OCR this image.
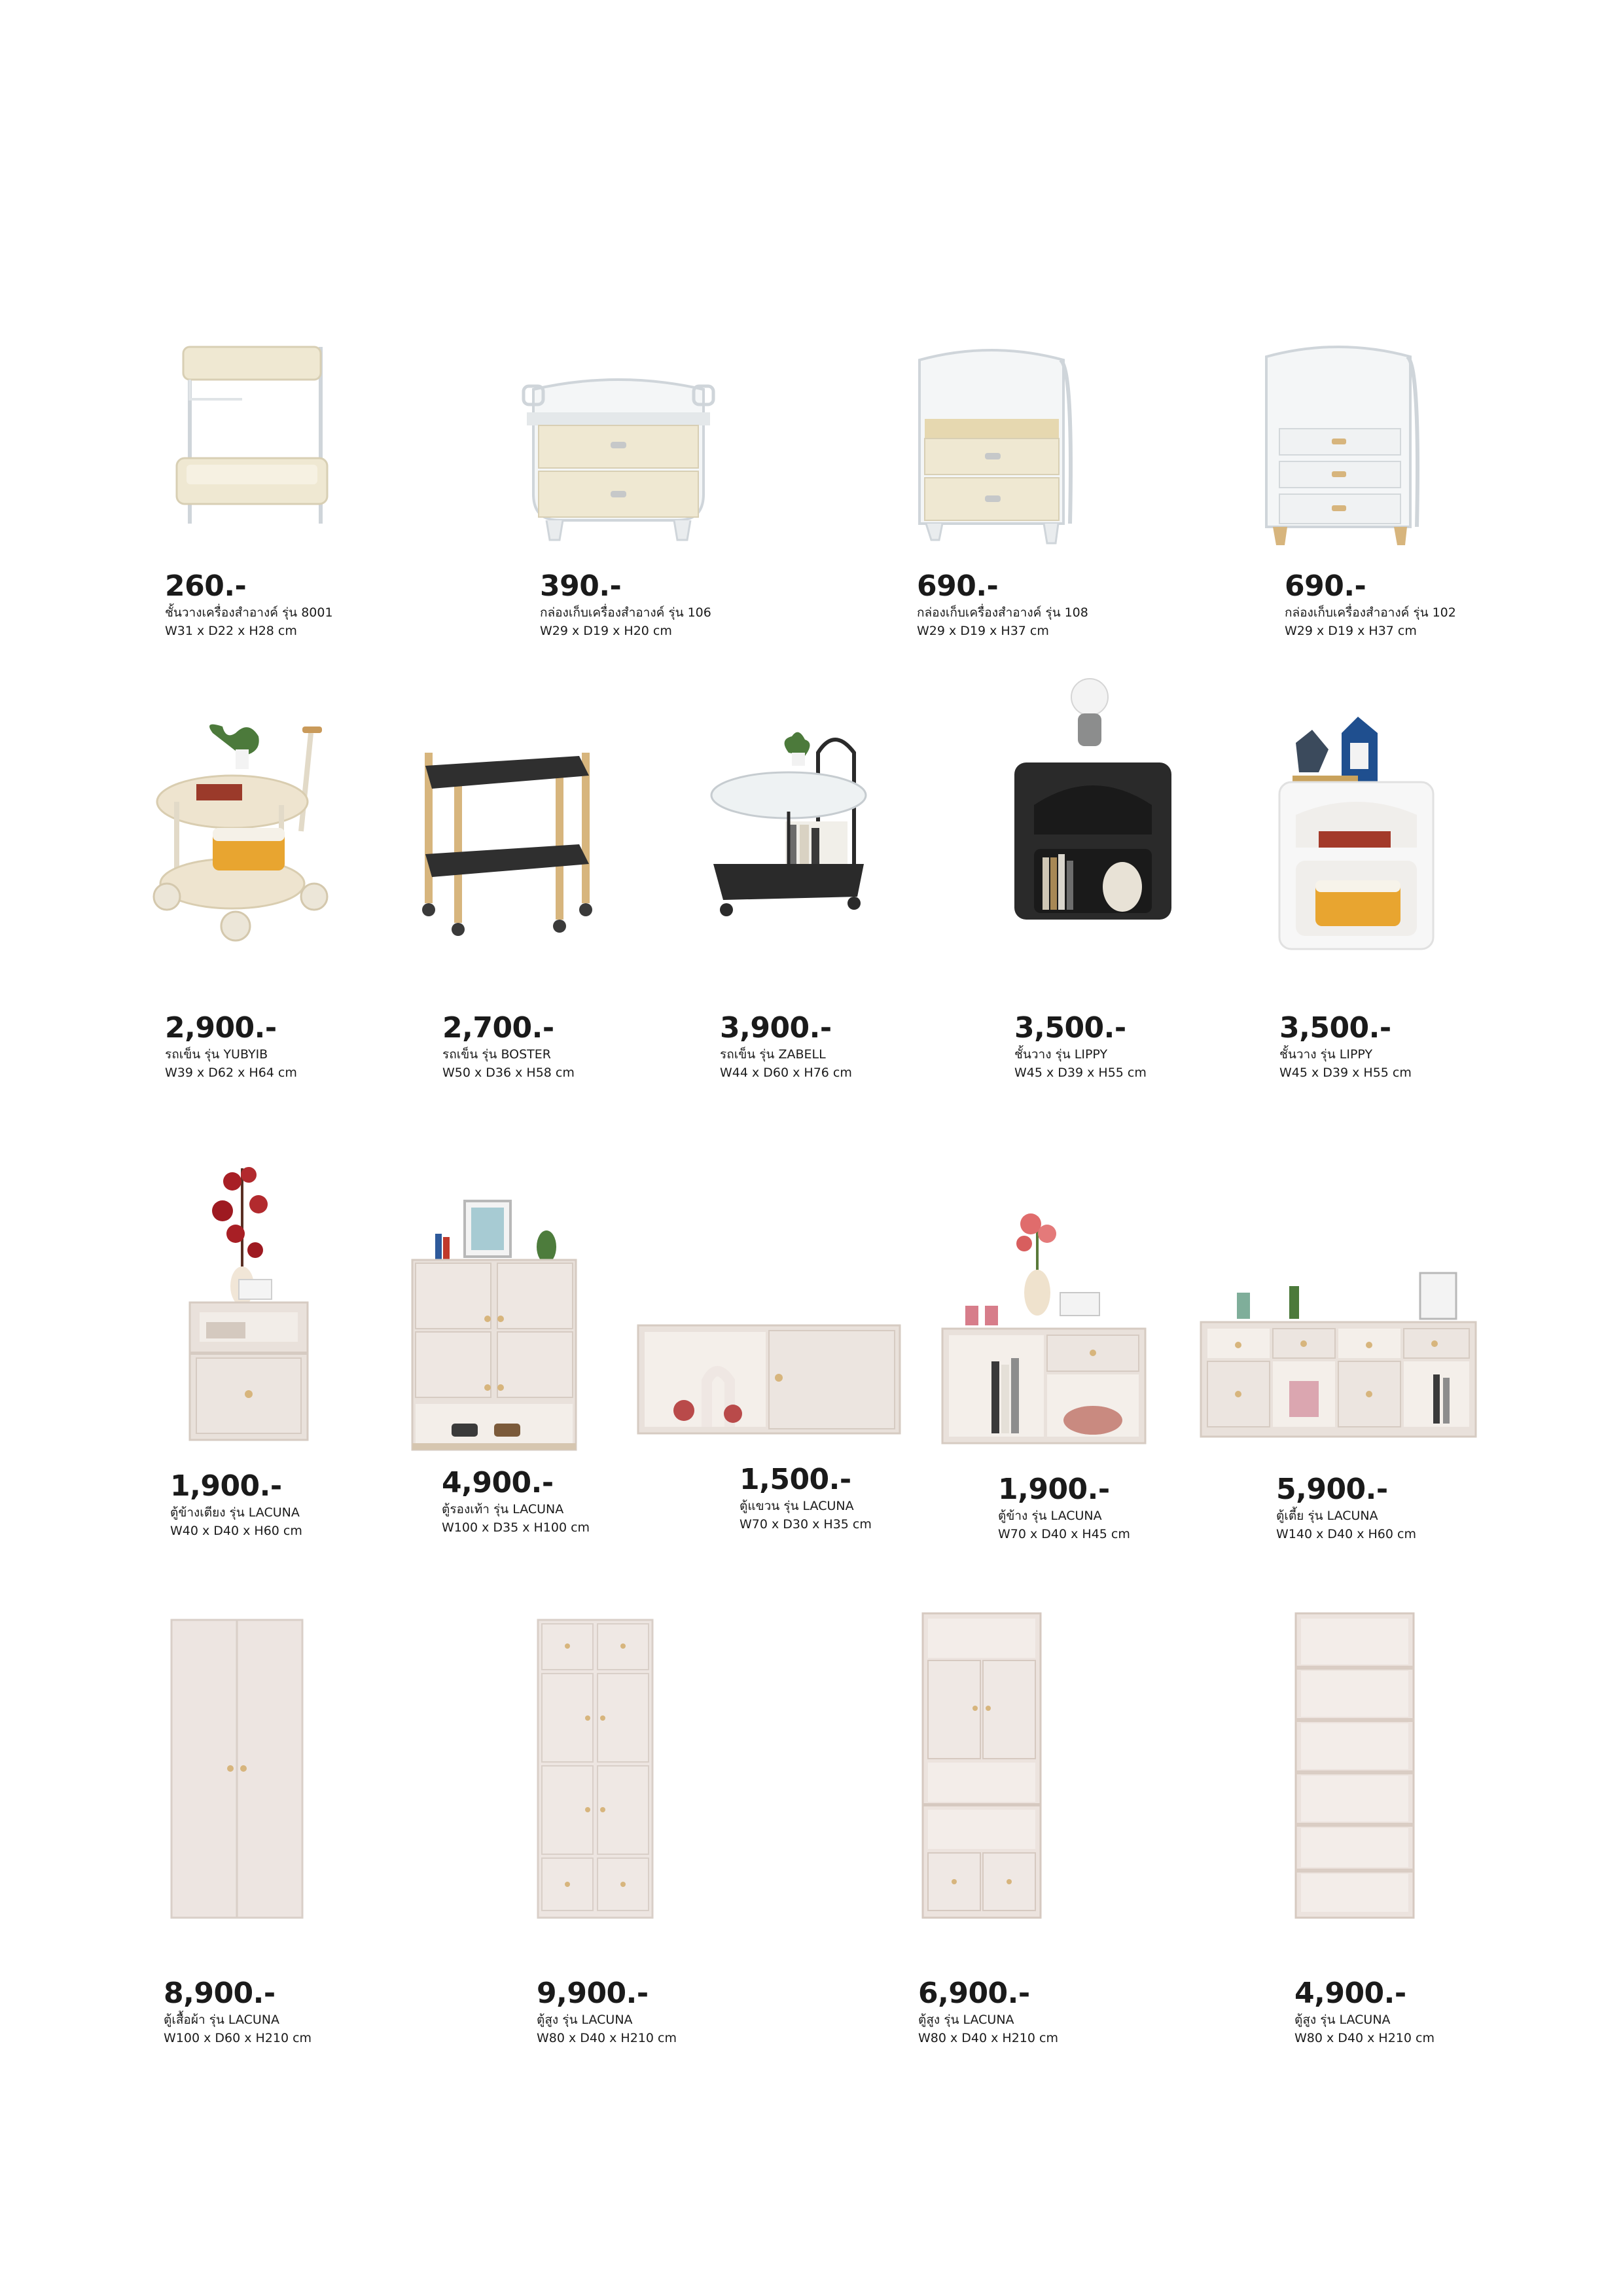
260.-
ชั้นวางเครื่องสำอางค์ รุ่น 8001
W31 x D22 x H28 cm
390.-
กล่องเก็บเครื่องสำอางค์ รุ่น 106
W29 x D19 x H20 cm
690.-
กล่องเก็บเครื่องสำอางค์ รุ่น 108
W29 x D19 x H37 cm
690.-
กล่องเก็บเครื่องสำอางค์ รุ่น 102
W29 x D19 x H37 cm
2,900.-
รถเข็น รุ่น YUBYIB
W39 x D62 x H64 cm
2,700.-
รถเข็น รุ่น BOSTER
W50 x D36 x H58 cm
3,900.-
รถเข็น รุ่น ZABELL
W44 x D60 x H76 cm
3,500.-
ชั้นวาง รุ่น LIPPY
W45 x D39 x H55 cm
3,500.-
ชั้นวาง รุ่น LIPPY
W45 x D39 x H55 cm
1,900.-
ตู้ข้างเตียง รุ่น LACUNA
W40 x D40 x H60 cm
4,900.-
ตู้รองเท้า รุ่น LACUNA
W100 x D35 x H100 cm
1,500.-
ตู้แขวน รุ่น LACUNA
W70 x D30 x H35 cm
1,900.-
ตู้ข้าง รุ่น LACUNA
W70 x D40 x H45 cm
5,900.-
ตู้เตี้ย รุ่น LACUNA
W140 x D40 x H60 cm
8,900.-
ตู้เสื้อผ้า รุ่น LACUNA
W100 x D60 x H210 cm
9,900.-
ตู้สูง รุ่น LACUNA
W80 x D40 x H210 cm
6,900.-
ตู้สูง รุ่น LACUNA
W80 x D40 x H210 cm
4,900.-
ตู้สูง รุ่น LACUNA
W80 x D40 x H210 cm
